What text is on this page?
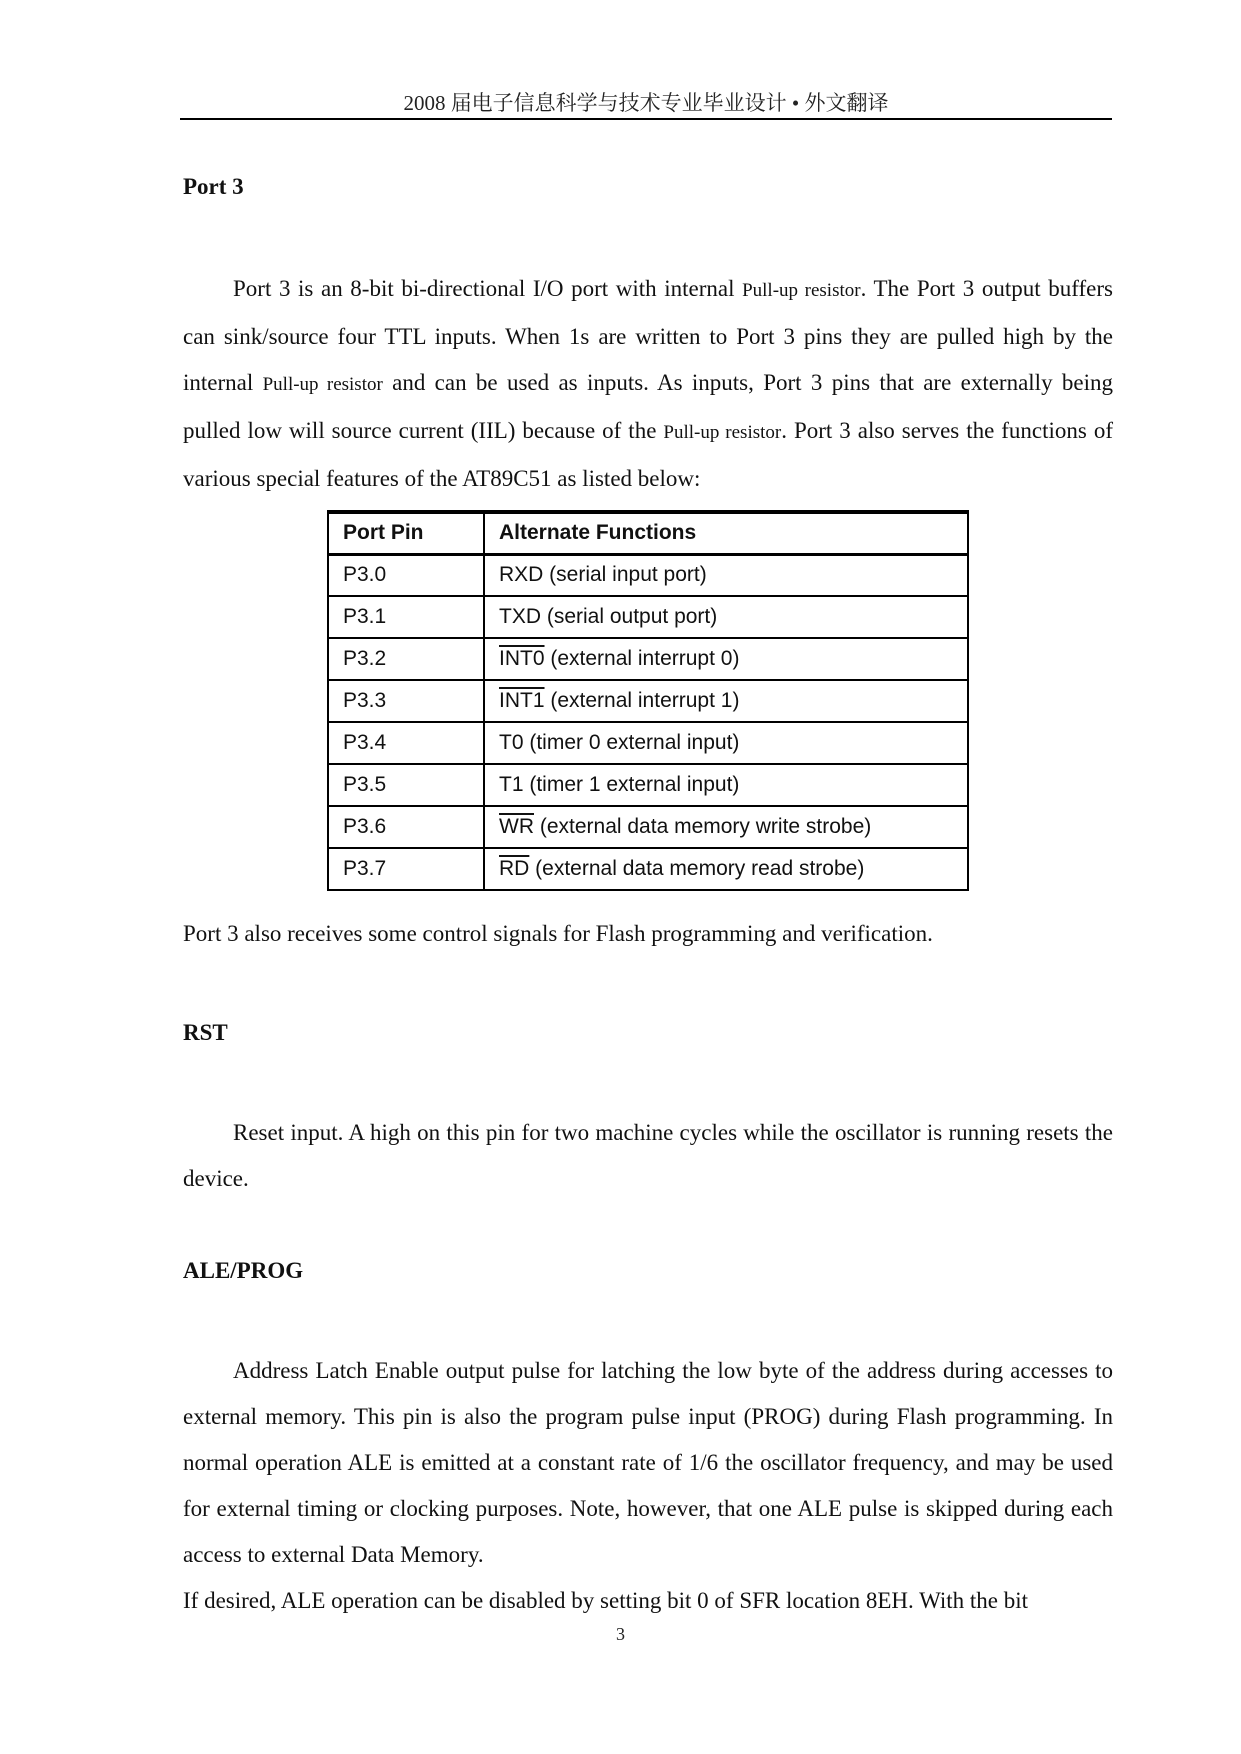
2008 届电子信息科学与技术专业毕业设计 • 外文翻译
Port 3

Port 3 is an 8-bit bi-directional I/O port with internal Pull-up resistor. The Port 3 output buffers can sink/source four TTL inputs. When 1s are written to Port 3 pins they are pulled high by the internal Pull-up resistor and can be used as inputs. As inputs, Port 3 pins that are externally being pulled low will source current (IIL) because of the Pull-up resistor. Port 3 also serves the functions of various special features of the AT89C51 as listed below:

Port Pin	Alternate Functions
P3.0	RXD (serial input port)
P3.1	TXD (serial output port)
P3.2	INT0 (external interrupt 0)
P3.3	INT1 (external interrupt 1)
P3.4	T0 (timer 0 external input)
P3.5	T1 (timer 1 external input)
P3.6	$\overline{WR}$ (external data memory write strobe)
P3.7	$\overline{RD}$ (external data memory read strobe)

Port 3 also receives some control signals for Flash programming and verification.

RST

Reset input. A high on this pin for two machine cycles while the oscillator is running resets the device.

ALE/PROG

Address Latch Enable output pulse for latching the low byte of the address during accesses to external memory. This pin is also the program pulse input (PROG) during Flash programming. In normal operation ALE is emitted at a constant rate of 1/6 the oscillator frequency, and may be used for external timing or clocking purposes. Note, however, that one ALE pulse is skipped during each access to external Data Memory.

If desired, ALE operation can be disabled by setting bit 0 of SFR location 8EH. With the bit

3
